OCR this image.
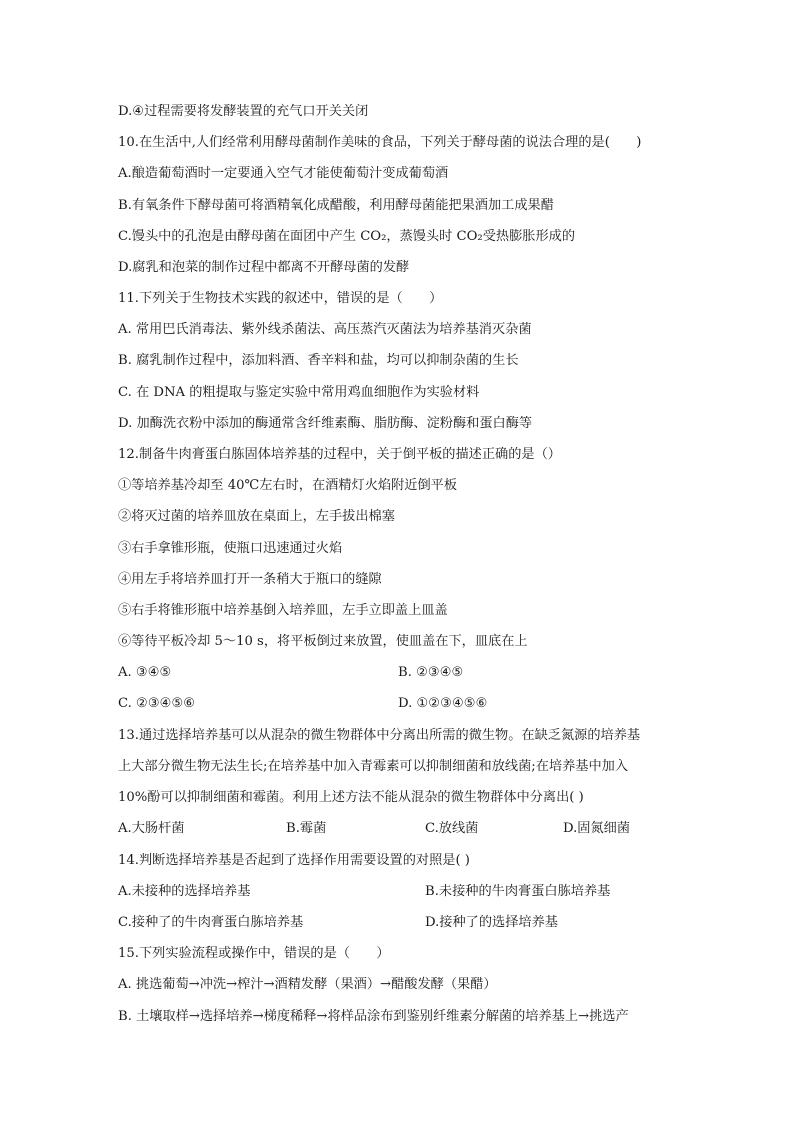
D.④过程需要将发酵装置的充气口开关关闭
10.在生活中,人们经常利用酵母菌制作美味的食品，下列关于酵母菌的说法合理的是(　　)
A.酿造葡萄酒时一定要通入空气才能使葡萄汁变成葡萄酒
B.有氧条件下酵母菌可将酒精氧化成醋酸，利用酵母菌能把果酒加工成果醋
C.馒头中的孔泡是由酵母菌在面团中产生 CO₂，蒸馒头时 CO₂受热膨胀形成的
D.腐乳和泡菜的制作过程中都离不开酵母菌的发酵
11.下列关于生物技术实践的叙述中，错误的是（　　）
A. 常用巴氏消毒法、紫外线杀菌法、高压蒸汽灭菌法为培养基消灭杂菌
B. 腐乳制作过程中，添加料酒、香辛料和盐，均可以抑制杂菌的生长
C. 在 DNA 的粗提取与鉴定实验中常用鸡血细胞作为实验材料
D. 加酶洗衣粉中添加的酶通常含纤维素酶、脂肪酶、淀粉酶和蛋白酶等
12.制备牛肉膏蛋白胨固体培养基的过程中，关于倒平板的描述正确的是（）
①等培养基冷却至 40℃左右时，在酒精灯火焰附近倒平板
②将灭过菌的培养皿放在桌面上，左手拔出棉塞
③右手拿锥形瓶，使瓶口迅速通过火焰
④用左手将培养皿打开一条稍大于瓶口的缝隙
⑤右手将锥形瓶中培养基倒入培养皿，左手立即盖上皿盖
⑥等待平板冷却 5～10 s，将平板倒过来放置，使皿盖在下，皿底在上
A. ③④⑤	B. ②③④⑤
C. ②③④⑤⑥	D. ①②③④⑤⑥
13.通过选择培养基可以从混杂的微生物群体中分离出所需的微生物。在缺乏氮源的培养基
上大部分微生物无法生长;在培养基中加入青霉素可以抑制细菌和放线菌;在培养基中加入
10%酚可以抑制细菌和霉菌。利用上述方法不能从混杂的微生物群体中分离出( )
A.大肠杆菌	B.霉菌	C.放线菌	D.固氮细菌
14.判断选择培养基是否起到了选择作用需要设置的对照是( )
A.未接种的选择培养基	B.未接种的牛肉膏蛋白胨培养基
C.接种了的牛肉膏蛋白胨培养基	D.接种了的选择培养基
15.下列实验流程或操作中，错误的是（　　）
A. 挑选葡萄→冲洗→榨汁→酒精发酵（果酒）→醋酸发酵（果醋）
B. 土壤取样→选择培养→梯度稀释→将样品涂布到鉴别纤维素分解菌的培养基上→挑选产
